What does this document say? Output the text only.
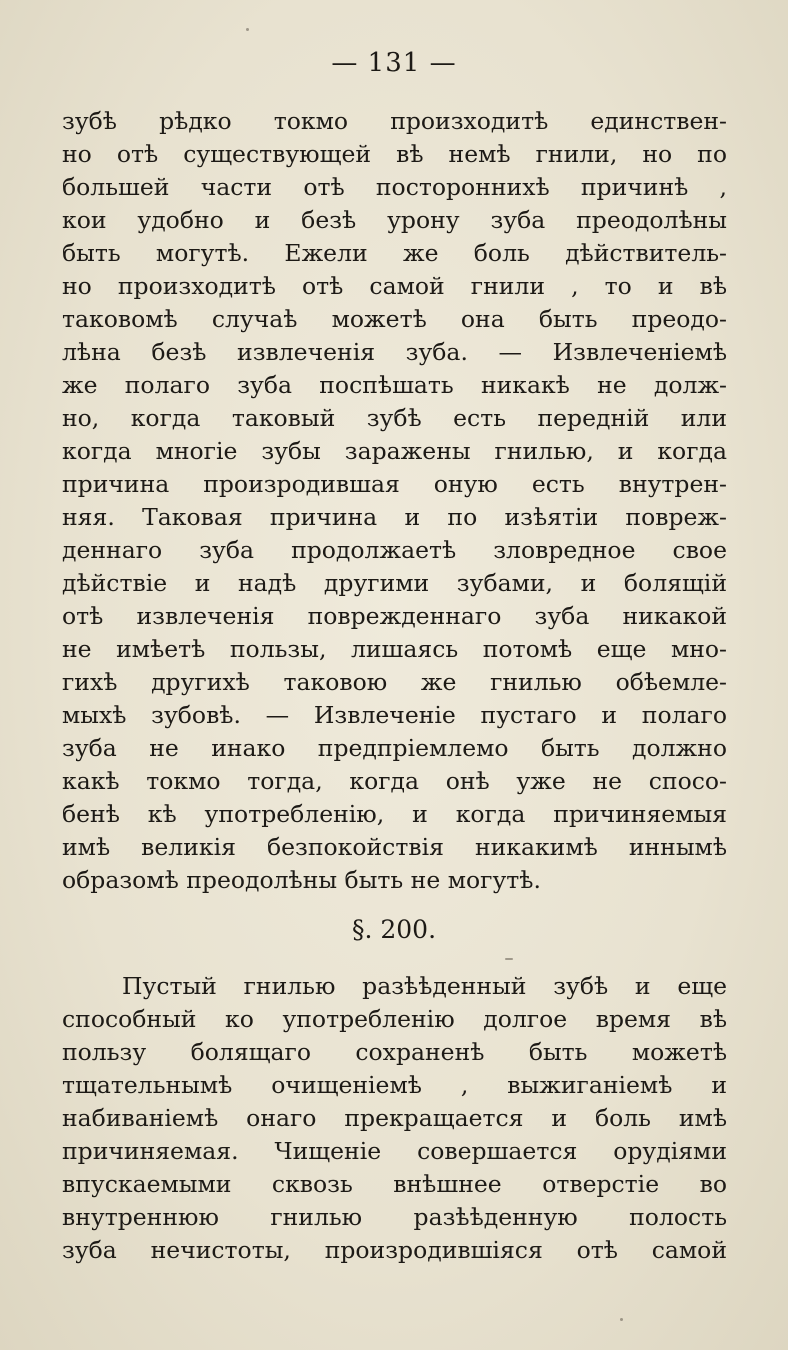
— 131 —
зубѣ рѣдко токмо произходитѣ единствен-
но отѣ существующей вѣ немѣ гнили, но по
большей части отѣ постороннихѣ причинѣ ,
кои удобно и безѣ урону зуба преодолѣны
быть могутѣ. Ежели же боль дѣйствитель-
но произходитѣ отѣ самой гнили , то и вѣ
таковомѣ случаѣ можетѣ она быть преодо-
лѣна безѣ извлеченія зуба. — Извлеченіемѣ
же полаго зуба поспѣшать никакѣ не долж-
но, когда таковый зубѣ есть передній или
когда многіе зубы заражены гнилью, и когда
причина произродившая оную есть внутрен-
няя. Таковая причина и по изѣятіи повреж-
деннаго зуба продолжаетѣ зловредное свое
дѣйствіе и надѣ другими зубами, и болящій
отѣ извлеченія поврежденнаго зуба никакой
не имѣетѣ пользы, лишаясь потомѣ еще мно-
гихѣ другихѣ таковою же гнилью обѣемле-
мыхѣ зубовѣ. — Извлеченіе пустаго и полаго
зуба не инако предпріемлемо быть должно
какѣ токмо тогда, когда онѣ уже не спосо-
бенѣ кѣ употребленію, и когда причиняемыя
имѣ великія безпокойствія никакимѣ иннымѣ
образомѣ преодолѣны быть не могутѣ.
§. 200.
Пустый гнилью разѣѣденный зубѣ и еще
способный ко употребленію долгое время вѣ
пользу болящаго сохраненѣ быть можетѣ
тщательнымѣ очищеніемѣ , выжиганіемѣ и
набиваніемѣ онаго прекращается и боль имѣ
причиняемая. Чищеніе совершается орудіями
впускаемыми сквозь внѣшнее отверстіе во
внутреннюю гнилью разѣѣденную полость
зуба нечистоты, произродившіяся отѣ самой
